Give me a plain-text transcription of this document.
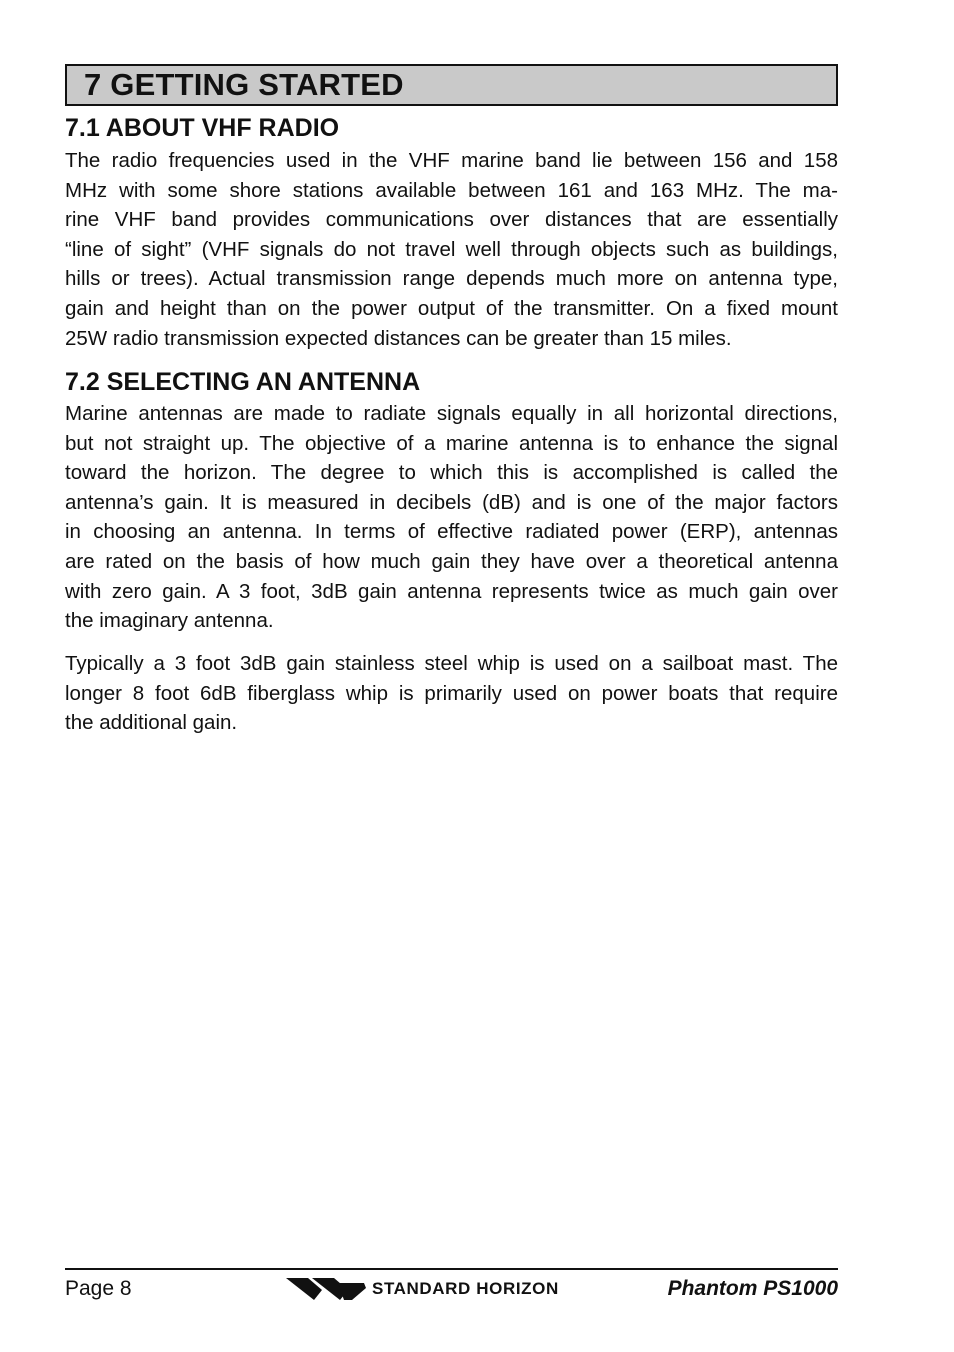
7 GETTING STARTED
7.1 ABOUT VHF RADIO
The radio frequencies used in the VHF marine band lie between 156 and 158
MHz with some shore stations available between 161 and 163 MHz. The ma-
rine VHF band provides communications over distances that are essentially
“line of sight” (VHF signals do not travel well through objects such as buildings,
hills or trees). Actual transmission range depends much more on antenna type,
gain and height than on the power output of the transmitter. On a fixed mount
25W radio transmission expected distances can be greater than 15 miles.
7.2 SELECTING AN ANTENNA
Marine antennas are made to radiate signals equally in all horizontal directions,
but not straight up. The objective of a marine antenna is to enhance the signal
toward the horizon. The degree to which this is accomplished is called the
antenna’s gain. It is measured in decibels (dB) and is one of the major factors
in choosing an antenna. In terms of effective radiated power (ERP), antennas
are rated on the basis of how much gain they have over a theoretical antenna
with zero gain. A 3 foot, 3dB gain antenna represents twice as much gain over
the imaginary antenna.
Typically a 3 foot 3dB gain stainless steel whip is used on a sailboat mast. The
longer 8 foot 6dB fiberglass whip is primarily used on power boats that require
the additional gain.
Page 8	STANDARD HORIZON	Phantom PS1000
